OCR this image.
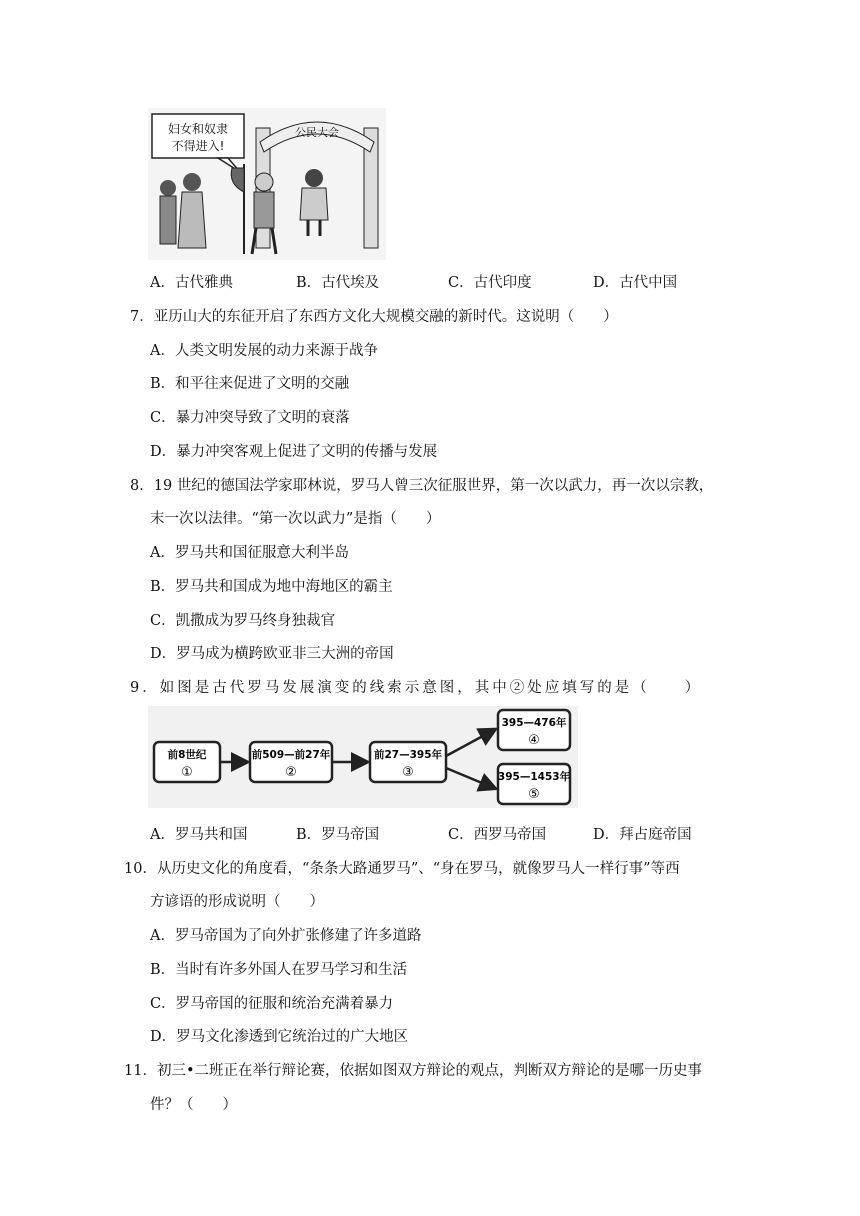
妇女和奴隶
不得进入!
公民大会
A．古代雅典	B．古代埃及	C．古代印度	D．古代中国
7．亚历山大的东征开启了东西方文化大规模交融的新时代。这说明（　　）
A．人类文明发展的动力来源于战争
B．和平往来促进了文明的交融
C．暴力冲突导致了文明的衰落
D．暴力冲突客观上促进了文明的传播与发展
8．19 世纪的德国法学家耶林说，罗马人曾三次征服世界，第一次以武力，再一次以宗教，
末一次以法律。“第一次以武力”是指（　　）
A．罗马共和国征服意大利半岛
B．罗马共和国成为地中海地区的霸主
C．凯撒成为罗马终身独裁官
D．罗马成为横跨欧亚非三大洲的帝国
9．如图是古代罗马发展演变的线索示意图，其中②处应填写的是（　　）
前8世纪
①
前509—前27年
②
前27—395年
③
395—476年
④
395—1453年
⑤
A．罗马共和国	B．罗马帝国	C．西罗马帝国	D．拜占庭帝国
10．从历史文化的角度看，“条条大路通罗马”、“身在罗马，就像罗马人一样行事”等西
方谚语的形成说明（　　）
A．罗马帝国为了向外扩张修建了许多道路
B．当时有许多外国人在罗马学习和生活
C．罗马帝国的征服和统治充满着暴力
D．罗马文化渗透到它统治过的广大地区
11．初三•二班正在举行辩论赛，依据如图双方辩论的观点，判断双方辩论的是哪一历史事
件？（　　）
